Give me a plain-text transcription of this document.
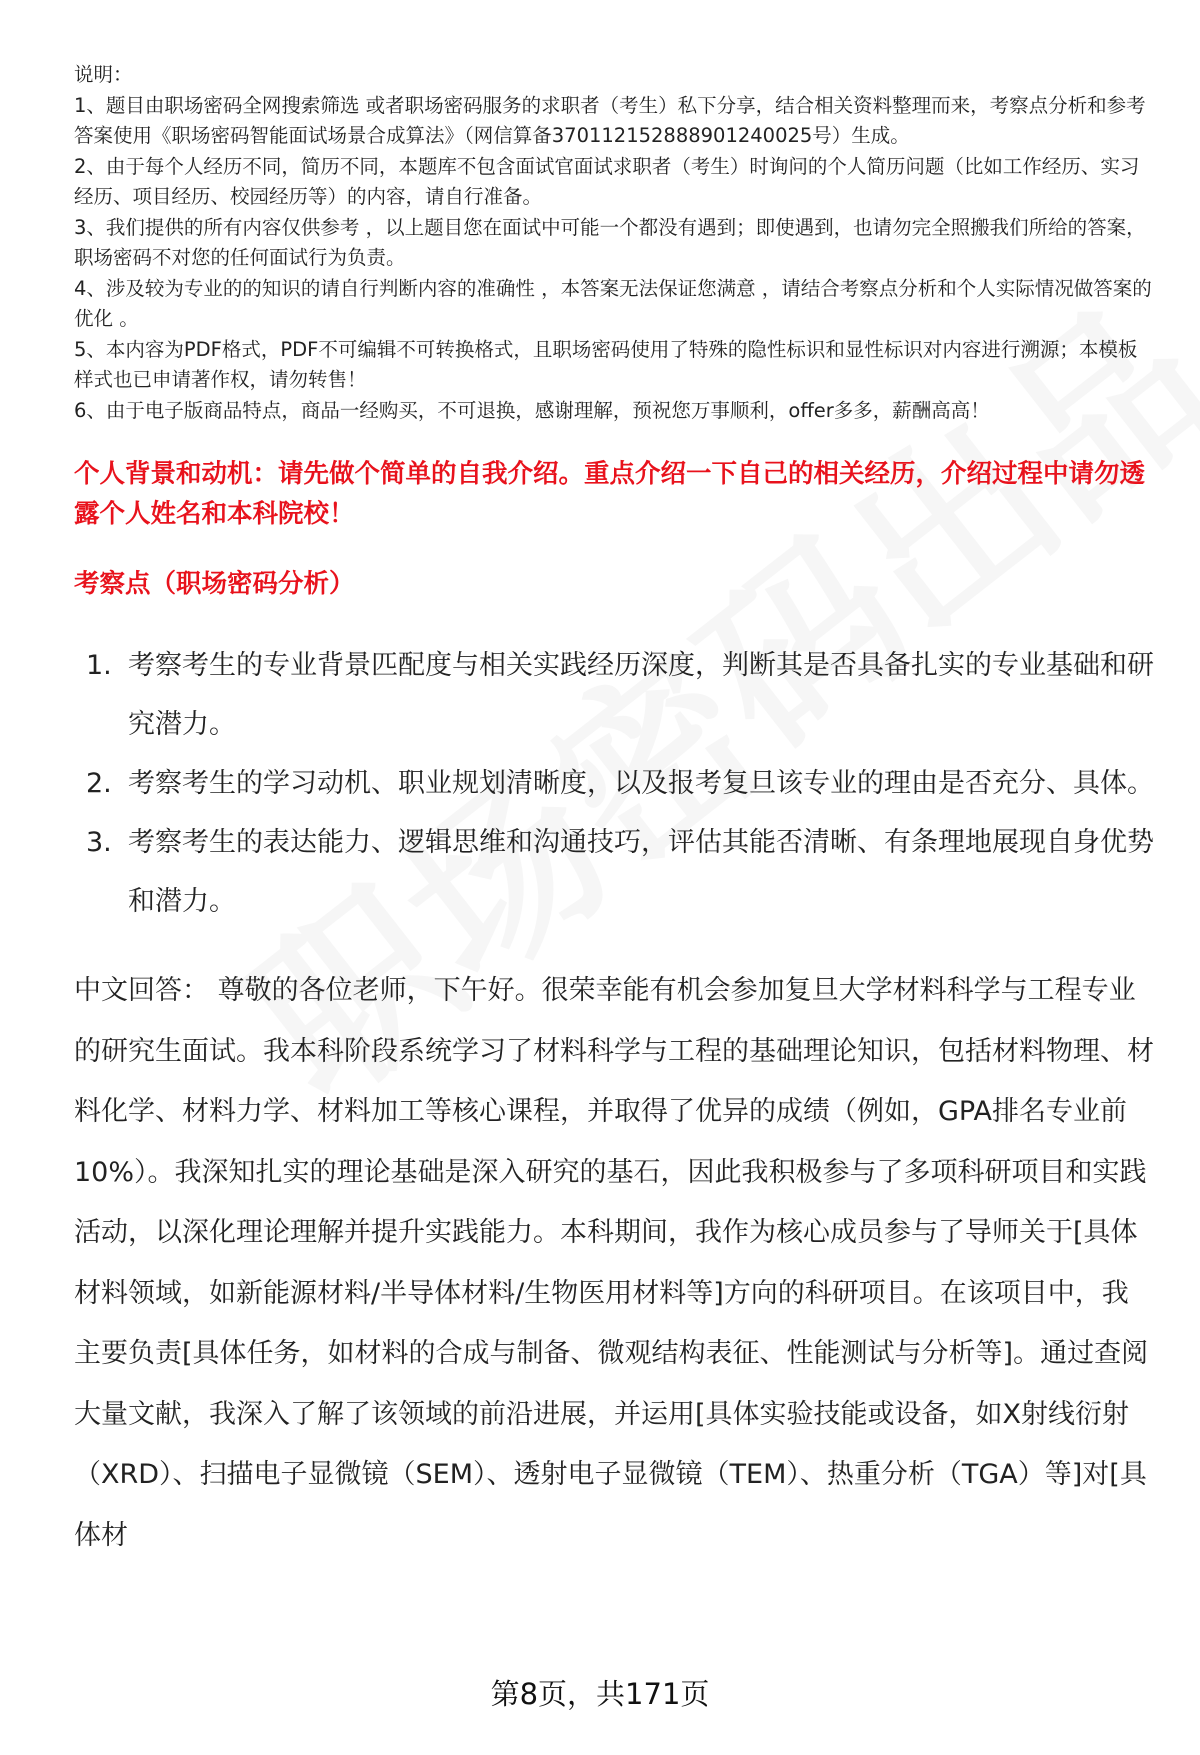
说明：

1、题目由职场密码全网搜索筛选 或者职场密码服务的求职者（考生）私下分享，结合相关资料整理而来，考察点分析和参考答案使用《职场密码智能面试场景合成算法》（网信算备370112152888901240025号）生成。

2、由于每个人经历不同，简历不同，本题库不包含面试官面试求职者（考生）时询问的个人简历问题（比如工作经历、实习经历、项目经历、校园经历等）的内容，请自行准备。

3、我们提供的所有内容仅供参考 ，以上题目您在面试中可能一个都没有遇到；即使遇到，也请勿完全照搬我们所给的答案，职场密码不对您的任何面试行为负责。

4、涉及较为专业的的知识的请自行判断内容的准确性 ，本答案无法保证您满意 ，请结合考察点分析和个人实际情况做答案的优化 。

5、本内容为PDF格式，PDF不可编辑不可转换格式，且职场密码使用了特殊的隐性标识和显性标识对内容进行溯源；本模板样式也已申请著作权，请勿转售！

6、由于电子版商品特点，商品一经购买，不可退换，感谢理解，预祝您万事顺利，offer多多，薪酬高高！

个人背景和动机：请先做个简单的自我介绍。重点介绍一下自己的相关经历，介绍过程中请勿透露个人姓名和本科院校！
考察点（职场密码分析）
1. 考察考生的专业背景匹配度与相关实践经历深度，判断其是否具备扎实的专业基础和研究潜力。
2. 考察考生的学习动机、职业规划清晰度，以及报考复旦该专业的理由是否充分、具体。
3. 考察考生的表达能力、逻辑思维和沟通技巧，评估其能否清晰、有条理地展现自身优势和潜力。

中文回答： 尊敬的各位老师，下午好。很荣幸能有机会参加复旦大学材料科学与工程专业的研究生面试。我本科阶段系统学习了材料科学与工程的基础理论知识，包括材料物理、材料化学、材料力学、材料加工等核心课程，并取得了优异的成绩（例如，GPA排名专业前10%）。我深知扎实的理论基础是深入研究的基石，因此我积极参与了多项科研项目和实践活动，以深化理论理解并提升实践能力。本科期间，我作为核心成员参与了导师关于[具体材料领域，如新能源材料/半导体材料/生物医用材料等]方向的科研项目。在该项目中，我主要负责[具体任务，如材料的合成与制备、微观结构表征、性能测试与分析等]。通过查阅大量文献，我深入了解了该领域的前沿进展，并运用[具体实验技能或设备，如X射线衍射（XRD）、扫描电子显微镜（SEM）、透射电子显微镜（TEM）、热重分析（TGA）等]对[具体材

第8页，共171页
